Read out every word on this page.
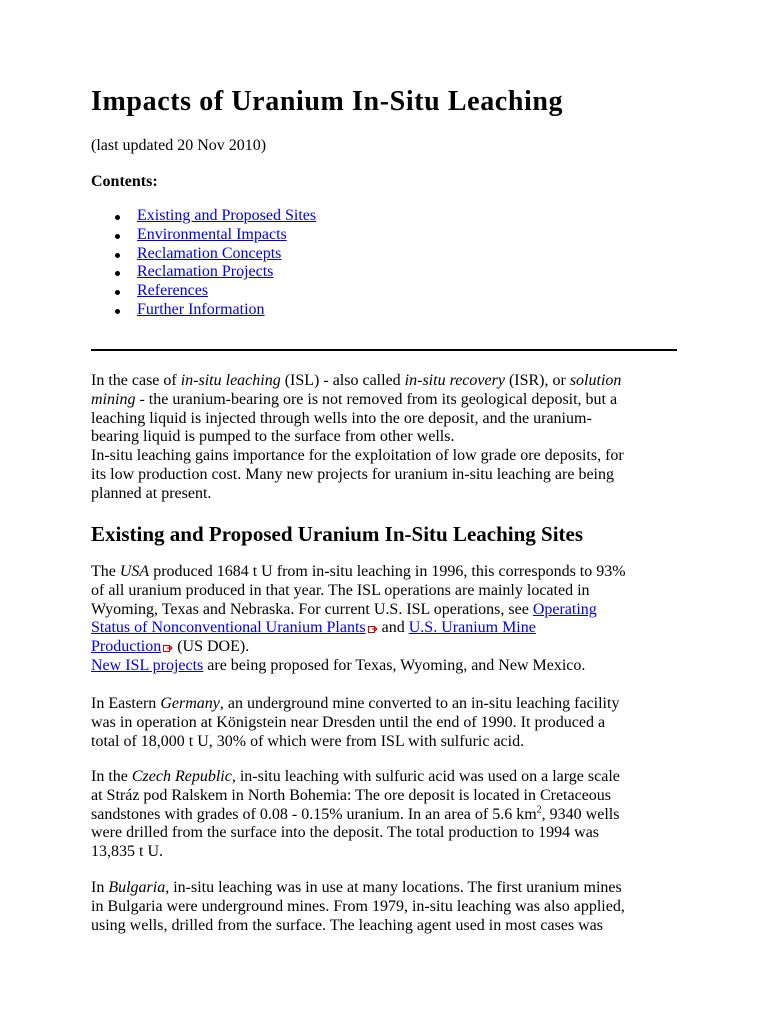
Impacts of Uranium In-Situ Leaching
(last updated 20 Nov 2010)
Contents:
Existing and Proposed Sites
Environmental Impacts
Reclamation Concepts
Reclamation Projects
References
Further Information
In the case of in-situ leaching (ISL) - also called in-situ recovery (ISR), or solution
mining - the uranium-bearing ore is not removed from its geological deposit, but a
leaching liquid is injected through wells into the ore deposit, and the uranium-
bearing liquid is pumped to the surface from other wells.
In-situ leaching gains importance for the exploitation of low grade ore deposits, for
its low production cost. Many new projects for uranium in-situ leaching are being
planned at present.
Existing and Proposed Uranium In-Situ Leaching Sites
The USA produced 1684 t U from in-situ leaching in 1996, this corresponds to 93%
of all uranium produced in that year. The ISL operations are mainly located in
Wyoming, Texas and Nebraska. For current U.S. ISL operations, see Operating
Status of Nonconventional Uranium Plants
and U.S. Uranium Mine
Production
(US DOE).
New ISL projects are being proposed for Texas, Wyoming, and New Mexico.
In Eastern Germany, an underground mine converted to an in-situ leaching facility
was in operation at Königstein near Dresden until the end of 1990. It produced a
total of 18,000 t U, 30% of which were from ISL with sulfuric acid.
In the Czech Republic, in-situ leaching with sulfuric acid was used on a large scale
at Stráz pod Ralskem in North Bohemia: The ore deposit is located in Cretaceous
sandstones with grades of 0.08 - 0.15% uranium. In an area of 5.6 $km^2$, 9340 wells
were drilled from the surface into the deposit. The total production to 1994 was
13,835 t U.
In Bulgaria, in-situ leaching was in use at many locations. The first uranium mines
in Bulgaria were underground mines. From 1979, in-situ leaching was also applied,
using wells, drilled from the surface. The leaching agent used in most cases was
